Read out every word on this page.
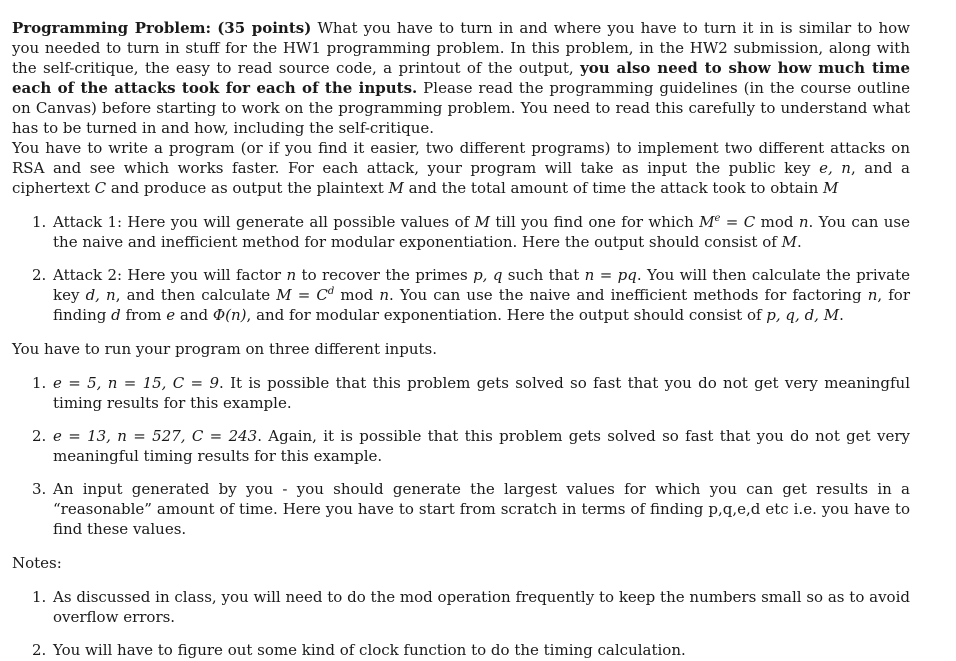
Programming Problem: (35 points) What you have to turn in and where you have to turn it in is similar to how you needed to turn in stuff for the HW1 programming problem. In this problem, in the HW2 submission, along with the self-critique, the easy to read source code, a printout of the output, you also need to show how much time each of the attacks took for each of the inputs. Please read the programming guidelines (in the course outline on Canvas) before starting to work on the programming problem. You need to read this carefully to understand what has to be turned in and how, including the self-critique.

You have to write a program (or if you find it easier, two different programs) to implement two different attacks on RSA and see which works faster. For each attack, your program will take as input the public key e, n, and a ciphertext C and produce as output the plaintext M and the total amount of time the attack took to obtain M

1. Attack 1: Here you will generate all possible values of M till you find one for which $M^e = C$ mod n. You can use the naive and inefficient method for modular exponentiation. Here the output should consist of M.
2. Attack 2: Here you will factor n to recover the primes p, q such that n = pq. You will then calculate the private key d, n, and then calculate $M = C^d$ mod n. You can use the naive and inefficient methods for factoring n, for finding d from e and Φ(n), and for modular exponentiation. Here the output should consist of p, q, d, M.

You have to run your program on three different inputs.

1. e = 5, n = 15, C = 9. It is possible that this problem gets solved so fast that you do not get very meaningful timing results for this example.
2. e = 13, n = 527, C = 243. Again, it is possible that this problem gets solved so fast that you do not get very meaningful timing results for this example.
3. An input generated by you - you should generate the largest values for which you can get results in a “reasonable” amount of time. Here you have to start from scratch in terms of finding p,q,e,d etc i.e. you have to find these values.

Notes:

1. As discussed in class, you will need to do the mod operation frequently to keep the numbers small so as to avoid overflow errors.
2. You will have to figure out some kind of clock function to do the timing calculation.
